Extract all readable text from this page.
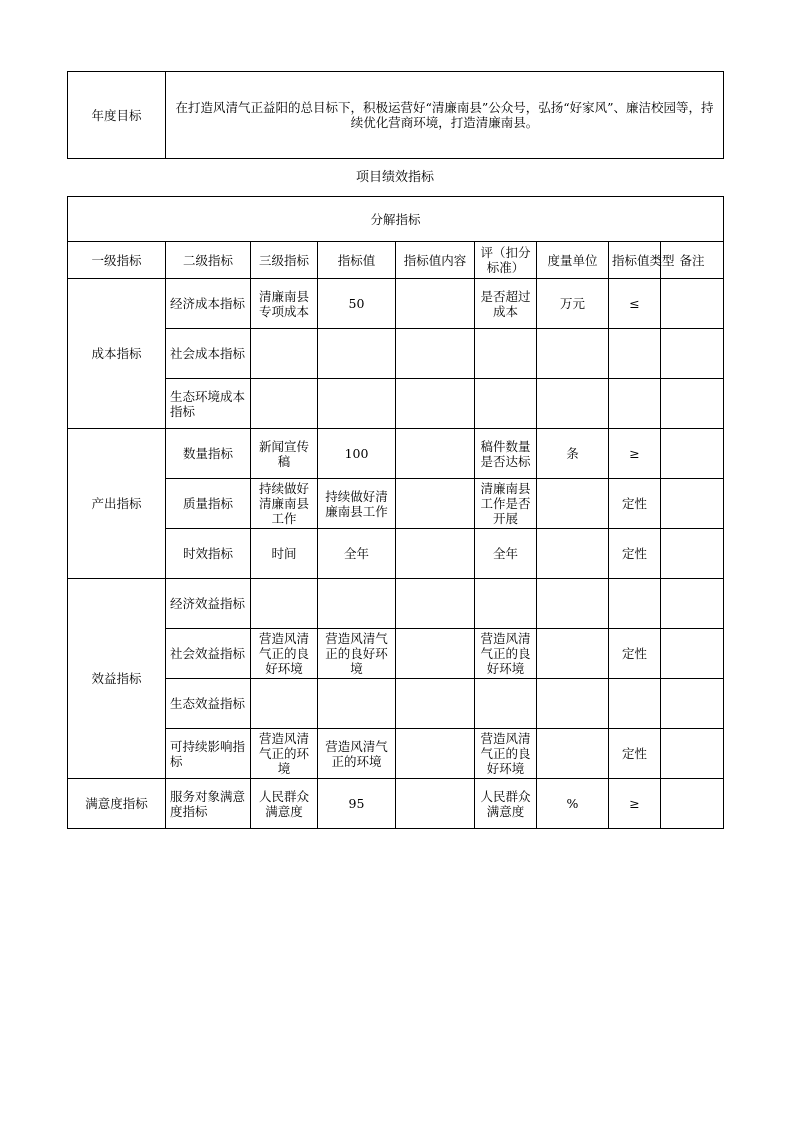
年度目标	在打造风清气正益阳的总目标下，积极运营好“清廉南县”公众号，弘扬“好家风”、廉洁校园等，持续优化营商环境，打造清廉南县。
项目绩效指标
分解指标								
一级指标	二级指标	三级指标	指标值	指标值内容	评（扣分标准）	度量单位	指标值类型	备注
成本指标	经济成本指标	清廉南县专项成本	50		是否超过成本	万元	≤	
	社会成本指标							
	生态环境成本指标							
产出指标	数量指标	新闻宣传稿	100		稿件数量是否达标	条	≥	
	质量指标	持续做好清廉南县工作	持续做好清廉南县工作		清廉南县工作是否开展		定性	
	时效指标	时间	全年		全年		定性	
效益指标	经济效益指标							
	社会效益指标	营造风清气正的良好环境	营造风清气正的良好环境		营造风清气正的良好环境		定性	
	生态效益指标							
	可持续影响指标	营造风清气正的环境	营造风清气正的环境		营造风清气正的良好环境		定性	
满意度指标	服务对象满意度指标	人民群众满意度	95		人民群众满意度	%	≥	
